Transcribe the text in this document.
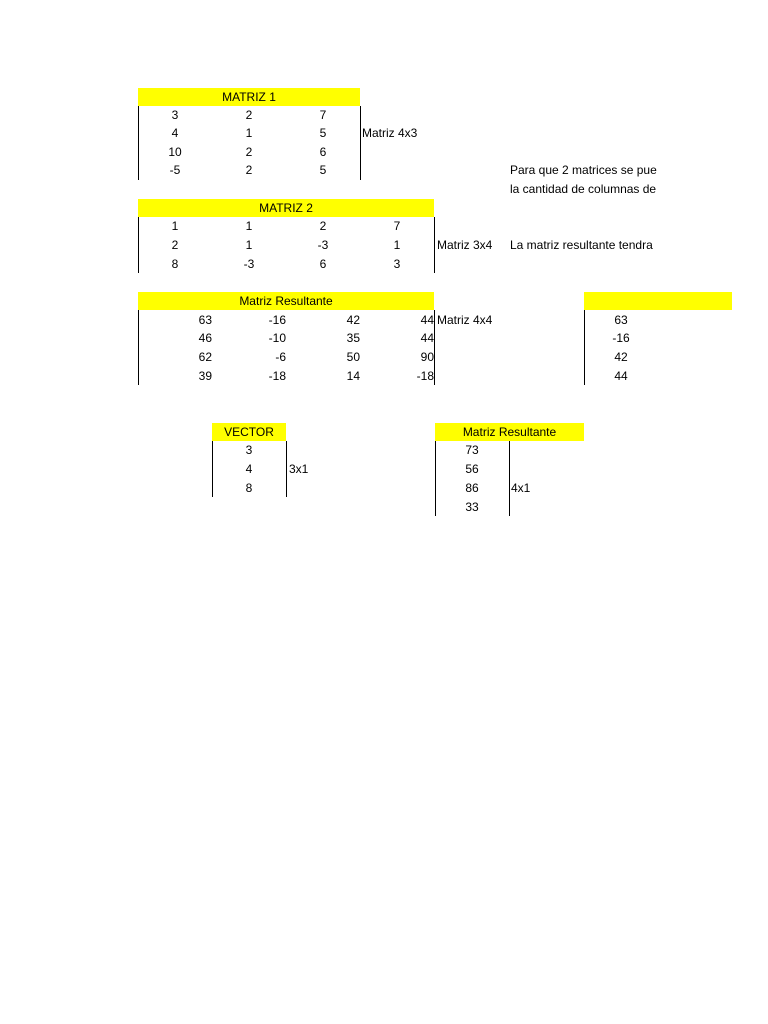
MATRIZ 1
3	2	7
4	1	5
10	2	6
-5	2	5
Matriz 4x3
Para que 2 matrices se pue
la cantidad de columnas de
La matriz resultante tendra
MATRIZ 2
1	1	2	7
2	1	-3	1
8	-3	6	3
Matriz 3x4
Matriz Resultante
63	-16	42	44
46	-10	35	44
62	-6	50	90
39	-18	14	-18
Matriz 4x4	63
-16
42
44
VECTOR
3
4
8
3x1
Matriz Resultante
73
56
86
33
4x1
